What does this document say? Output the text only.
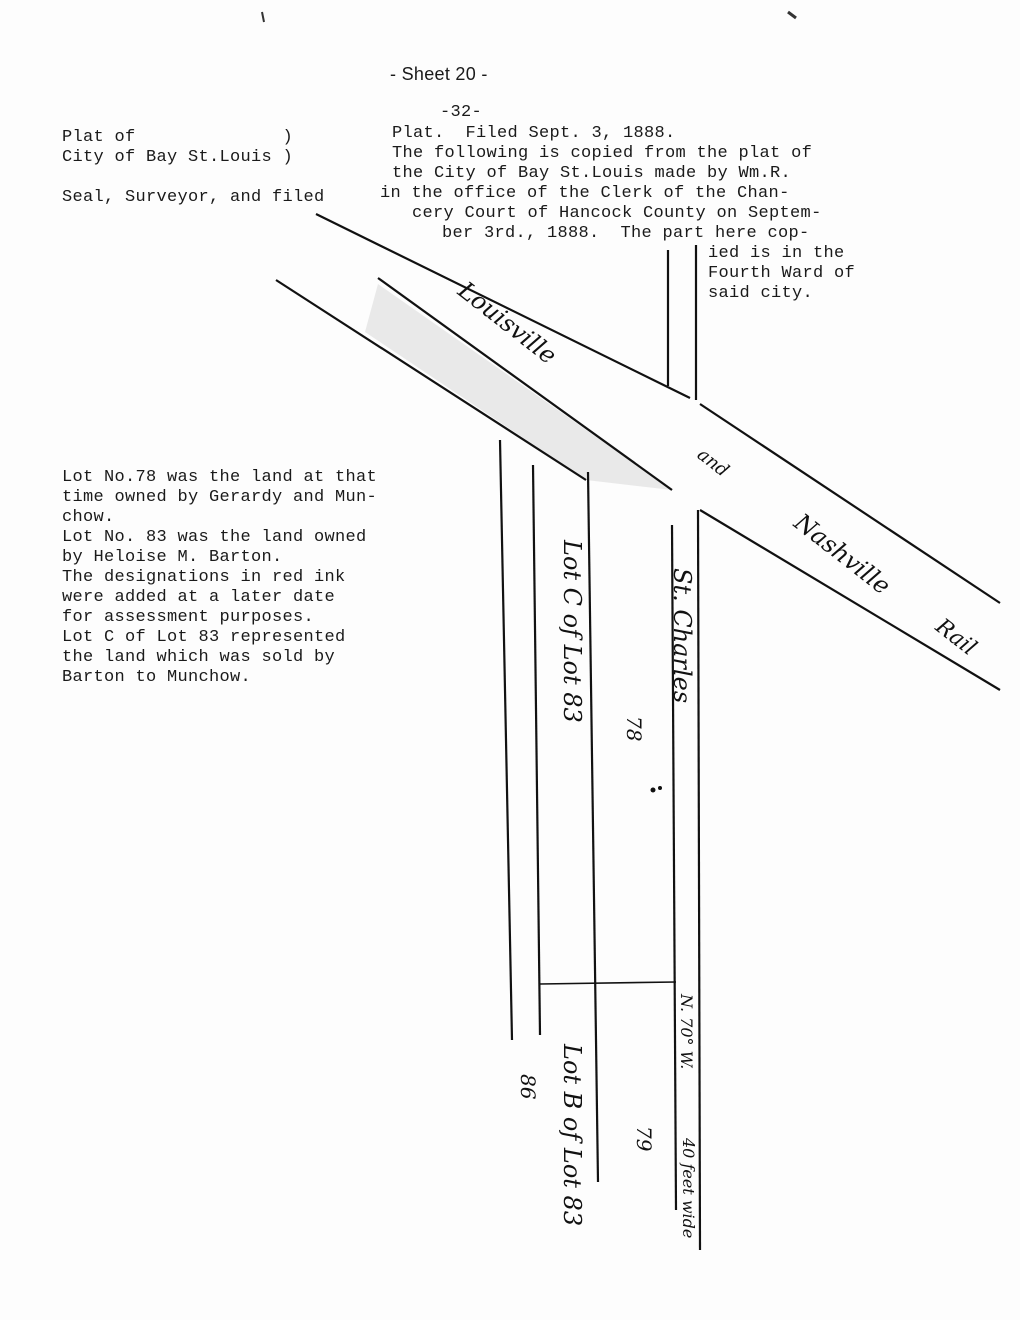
- Sheet 20 -
-32-
Plat of              )
City of Bay St.Louis )
Seal, Surveyor, and filed
Plat.  Filed Sept. 3, 1888.
The following is copied from the plat of
the City of Bay St.Louis made by Wm.R.
in the office of the Clerk of the Chan-
cery Court of Hancock County on Septem-
ber 3rd., 1888.  The part here cop-
ied is in the
Fourth Ward of
said city.
Lot No.78 was the land at that
time owned by Gerardy and Mun-
chow.
Lot No. 83 was the land owned
by Heloise M. Barton.
The designations in red ink
were added at a later date
for assessment purposes.
Lot C of Lot 83 represented
the land which was sold by
Barton to Munchow.
Louisville
and
Nashville
Rail
St. Charles
Lot C of Lot 83
Lot B of Lot 83
78
79
86
N. 70° W.
40 feet wide
